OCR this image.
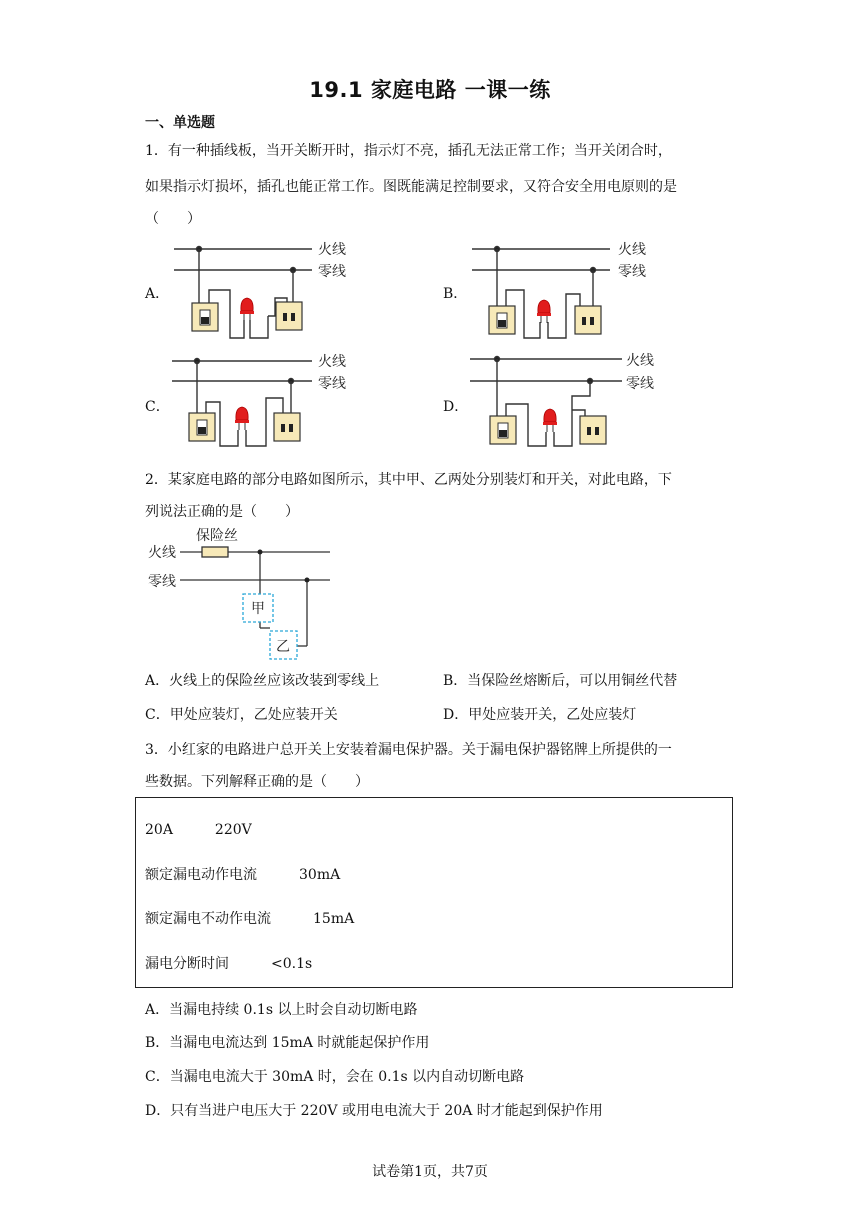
19.1 家庭电路 一课一练
一、单选题
1．有一种插线板，当开关断开时，指示灯不亮，插孔无法正常工作；当开关闭合时，
如果指示灯损坏，插孔也能正常工作。图既能满足控制要求，又符合安全用电原则的是
（　　）
A．	B．
C．	D．
火线
零线
火线
零线
火线
零线
火线
零线
2．某家庭电路的部分电路如图所示，其中甲、乙两处分别装灯和开关，对此电路，下
列说法正确的是（　　）
火线
零线
保险丝
甲
乙
A．火线上的保险丝应该改装到零线上	B．当保险丝熔断后，可以用铜丝代替
C．甲处应装灯，乙处应装开关	D．甲处应装开关，乙处应装灯
3．小红家的电路进户总开关上安装着漏电保护器。关于漏电保护器铭牌上所提供的一
些数据。下列解释正确的是（　　）
20A　　　220V
额定漏电动作电流　　　30mA
额定漏电不动作电流　　　15mA
漏电分断时间　　　<0.1s
A．当漏电持续 0.1s 以上时会自动切断电路
B．当漏电电流达到 15mA 时就能起保护作用
C．当漏电电流大于 30mA 时，会在 0.1s 以内自动切断电路
D．只有当进户电压大于 220V 或用电电流大于 20A 时才能起到保护作用
试卷第1页，共7页
